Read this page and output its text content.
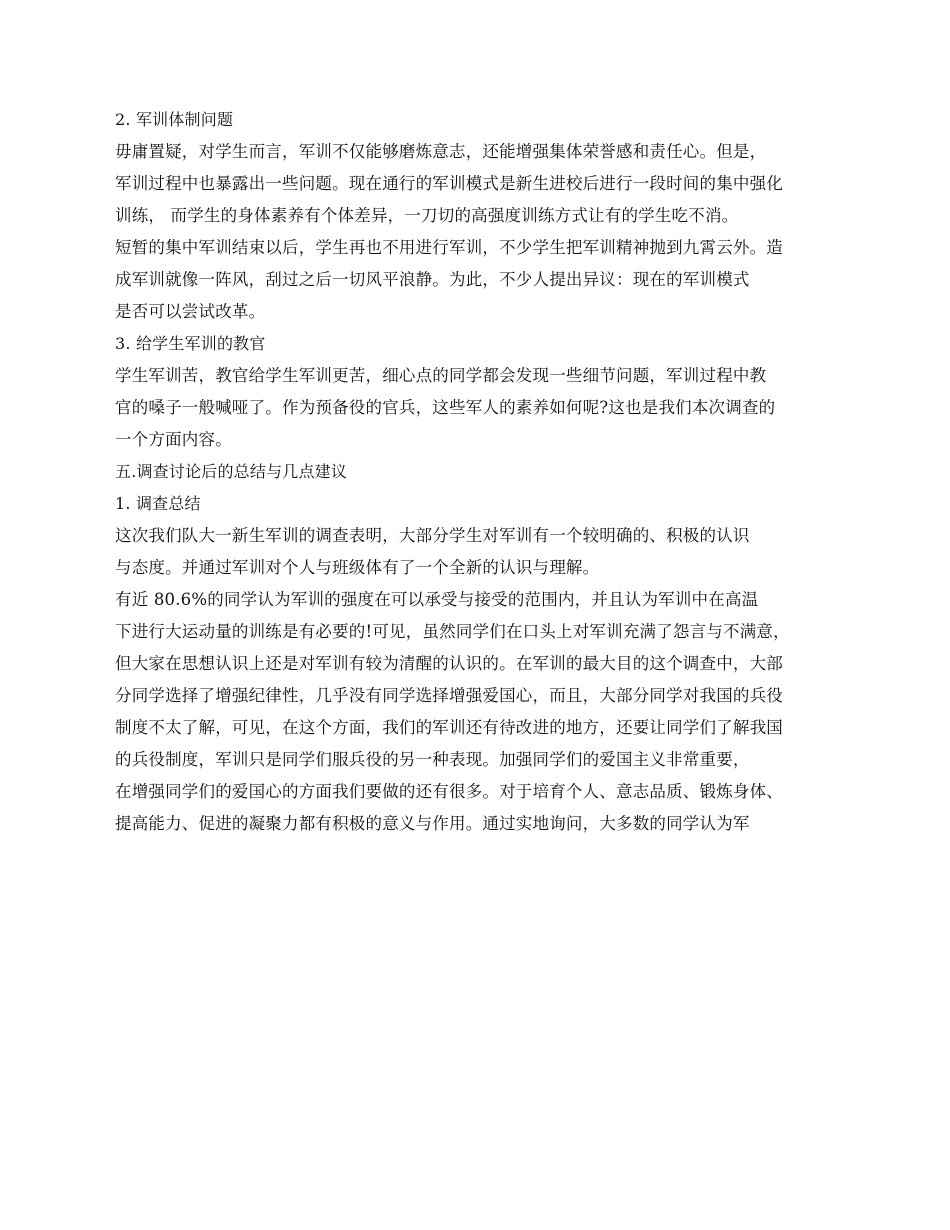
2. 军训体制问题
毋庸置疑，对学生而言，军训不仅能够磨炼意志，还能增强集体荣誉感和责任心。但是，
军训过程中也暴露出一些问题。现在通行的军训模式是新生进校后进行一段时间的集中强化
训练， 而学生的身体素养有个体差异，一刀切的高强度训练方式让有的学生吃不消。
短暂的集中军训结束以后，学生再也不用进行军训，不少学生把军训精神抛到九霄云外。造
成军训就像一阵风，刮过之后一切风平浪静。为此，不少人提出异议：现在的军训模式
是否可以尝试改革。
3. 给学生军训的教官
学生军训苦，教官给学生军训更苦，细心点的同学都会发现一些细节问题，军训过程中教
官的嗓子一般喊哑了。作为预备役的官兵，这些军人的素养如何呢?这也是我们本次调查的
一个方面内容。
五.调查讨论后的总结与几点建议
1. 调查总结
这次我们队大一新生军训的调查表明，大部分学生对军训有一个较明确的、积极的认识
与态度。并通过军训对个人与班级体有了一个全新的认识与理解。
有近 80.6%的同学认为军训的强度在可以承受与接受的范围内，并且认为军训中在高温
下进行大运动量的训练是有必要的!可见，虽然同学们在口头上对军训充满了怨言与不满意，
但大家在思想认识上还是对军训有较为清醒的认识的。在军训的最大目的这个调查中，大部
分同学选择了增强纪律性，几乎没有同学选择增强爱国心，而且，大部分同学对我国的兵役
制度不太了解，可见，在这个方面，我们的军训还有待改进的地方，还要让同学们了解我国
的兵役制度，军训只是同学们服兵役的另一种表现。加强同学们的爱国主义非常重要，
在增强同学们的爱国心的方面我们要做的还有很多。对于培育个人、意志品质、锻炼身体、
提高能力、促进的凝聚力都有积极的意义与作用。通过实地询问，大多数的同学认为军
